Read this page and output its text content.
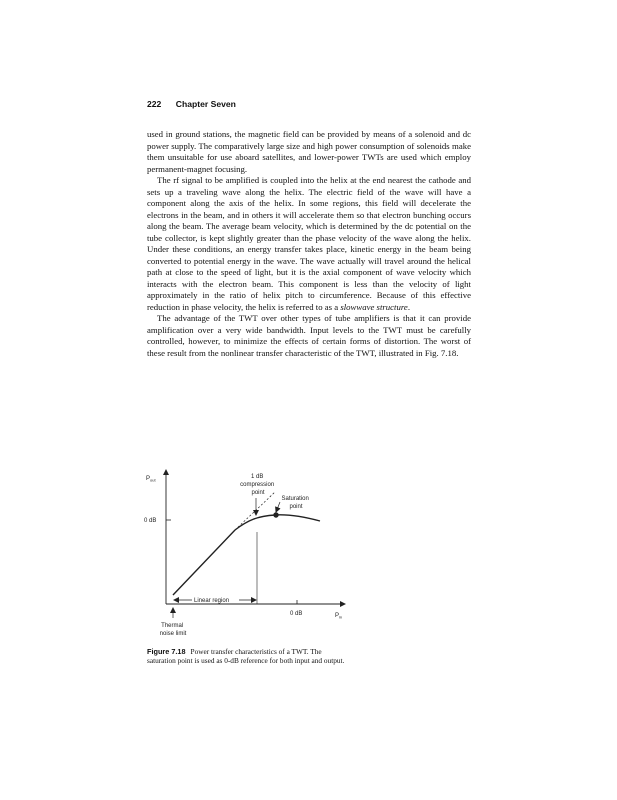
222 Chapter Seven

used in ground stations, the magnetic field can be provided by means of a solenoid and dc power supply. The comparatively large size and high power consumption of solenoids make them unsuitable for use aboard satellites, and lower-power TWTs are used which employ permanent-magnet focusing.

The rf signal to be amplified is coupled into the helix at the end nearest the cathode and sets up a traveling wave along the helix. The electric field of the wave will have a component along the axis of the helix. In some regions, this field will decelerate the electrons in the beam, and in others it will accelerate them so that electron bunching occurs along the beam. The average beam velocity, which is determined by the dc potential on the tube collector, is kept slightly greater than the phase velocity of the wave along the helix. Under these conditions, an energy transfer takes place, kinetic energy in the beam being converted to potential energy in the wave. The wave actually will travel around the helical path at close to the speed of light, but it is the axial component of wave velocity which interacts with the electron beam. This component is less than the velocity of light approximately in the ratio of helix pitch to circumference. Because of this effective reduction in phase velocity, the helix is referred to as a slowwave structure.

The advantage of the TWT over other types of tube amplifiers is that it can provide amplification over a very wide bandwidth. Input levels to the TWT must be carefully controlled, however, to minimize the effects of certain forms of distortion. The worst of these result from the nonlinear transfer characteristic of the TWT, illustrated in Fig. 7.18.

$P_{out}$
$P_{in}$
0 dB
0 dB
1 dB compression point
Saturation point
Linear region
Thermal noise limit
Figure 7.18 Power transfer characteristics of a TWT. The saturation point is used as 0-dB reference for both input and output.
